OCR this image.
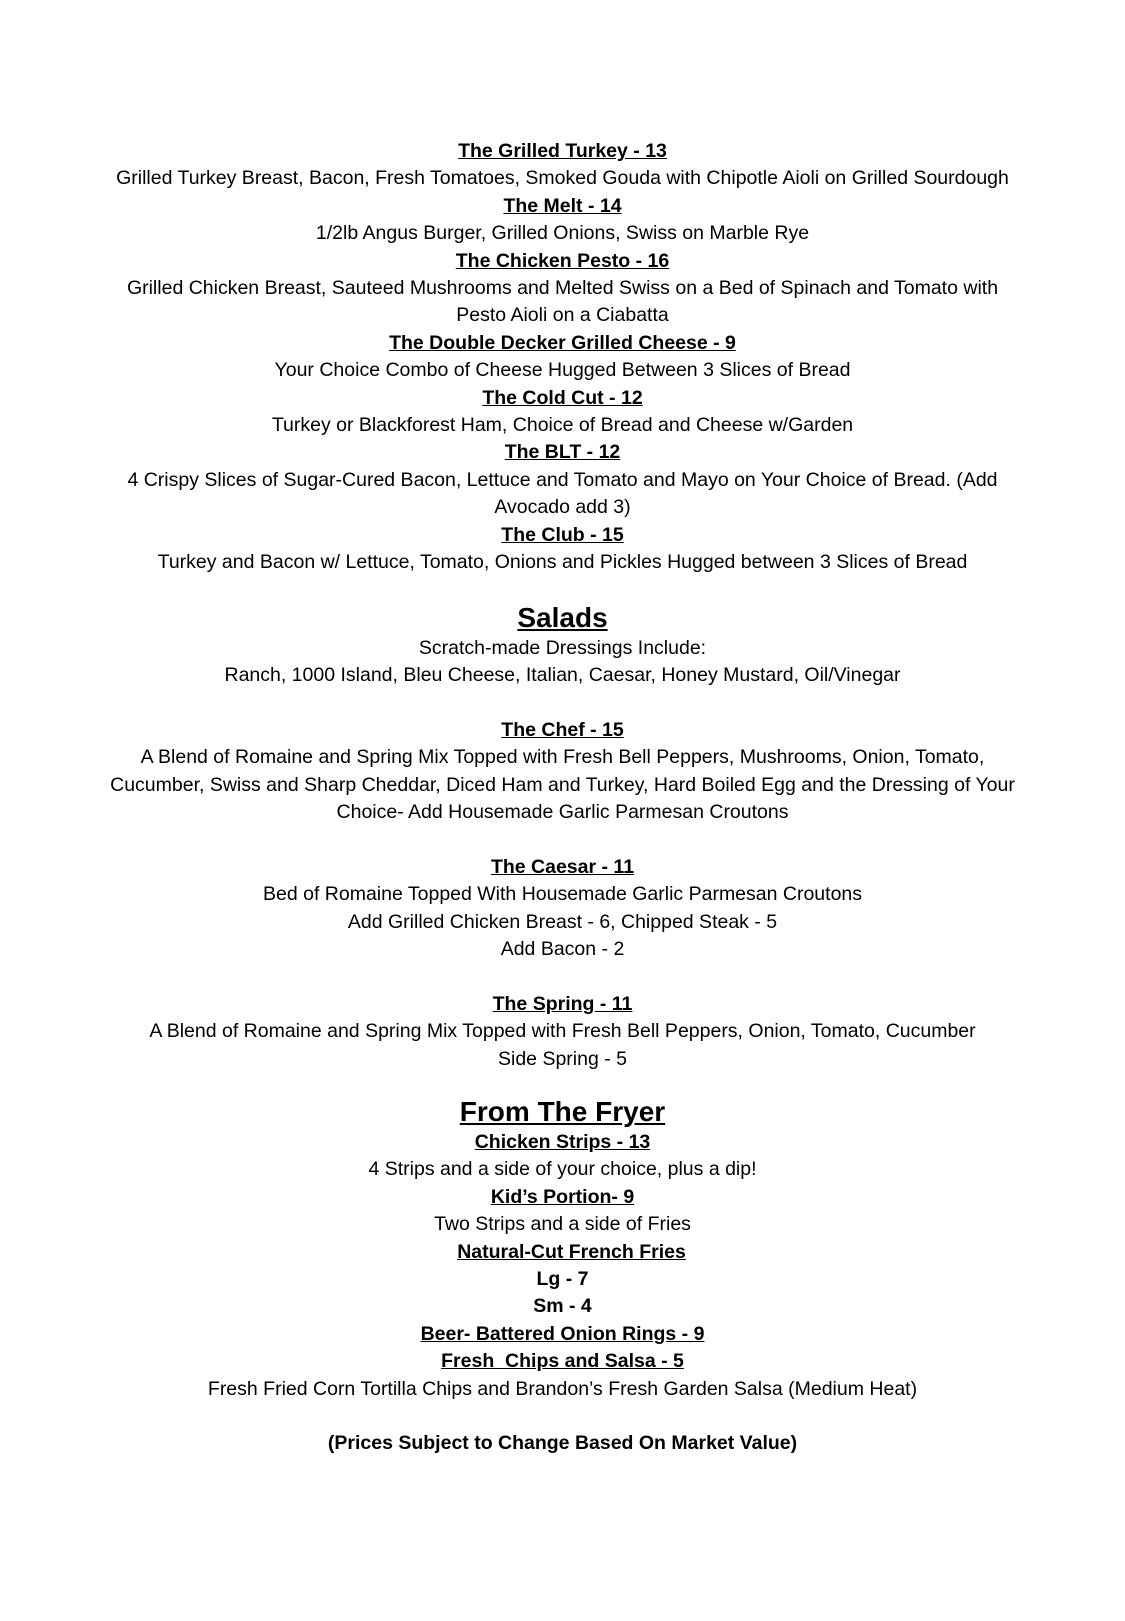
The Grilled Turkey - 13

Grilled Turkey Breast, Bacon, Fresh Tomatoes, Smoked Gouda with Chipotle Aioli on Grilled Sourdough

The Melt - 14

1/2lb Angus Burger, Grilled Onions, Swiss on Marble Rye

The Chicken Pesto - 16

Grilled Chicken Breast, Sauteed Mushrooms and Melted Swiss on a Bed of Spinach and Tomato with

Pesto Aioli on a Ciabatta

The Double Decker Grilled Cheese - 9

Your Choice Combo of Cheese Hugged Between 3 Slices of Bread

The Cold Cut - 12

Turkey or Blackforest Ham, Choice of Bread and Cheese w/Garden

The BLT - 12

4 Crispy Slices of Sugar-Cured Bacon, Lettuce and Tomato and Mayo on Your Choice of Bread. (Add

Avocado add 3)

The Club - 15

Turkey and Bacon w/ Lettuce, Tomato, Onions and Pickles Hugged between 3 Slices of Bread

Salads

Scratch-made Dressings Include:

Ranch, 1000 Island, Bleu Cheese, Italian, Caesar, Honey Mustard, Oil/Vinegar

The Chef - 15

A Blend of Romaine and Spring Mix Topped with Fresh Bell Peppers, Mushrooms, Onion, Tomato,

Cucumber, Swiss and Sharp Cheddar, Diced Ham and Turkey, Hard Boiled Egg and the Dressing of Your

Choice- Add Housemade Garlic Parmesan Croutons

The Caesar - 11

Bed of Romaine Topped With Housemade Garlic Parmesan Croutons

Add Grilled Chicken Breast - 6, Chipped Steak - 5

Add Bacon - 2

The Spring - 11

A Blend of Romaine and Spring Mix Topped with Fresh Bell Peppers, Onion, Tomato, Cucumber

Side Spring - 5

From The Fryer

Chicken Strips - 13

4 Strips and a side of your choice, plus a dip!

Kid’s Portion- 9

Two Strips and a side of Fries

Natural-Cut French Fries

Lg - 7

Sm - 4

Beer- Battered Onion Rings - 9

Fresh  Chips and Salsa - 5

Fresh Fried Corn Tortilla Chips and Brandon’s Fresh Garden Salsa (Medium Heat)

(Prices Subject to Change Based On Market Value)
